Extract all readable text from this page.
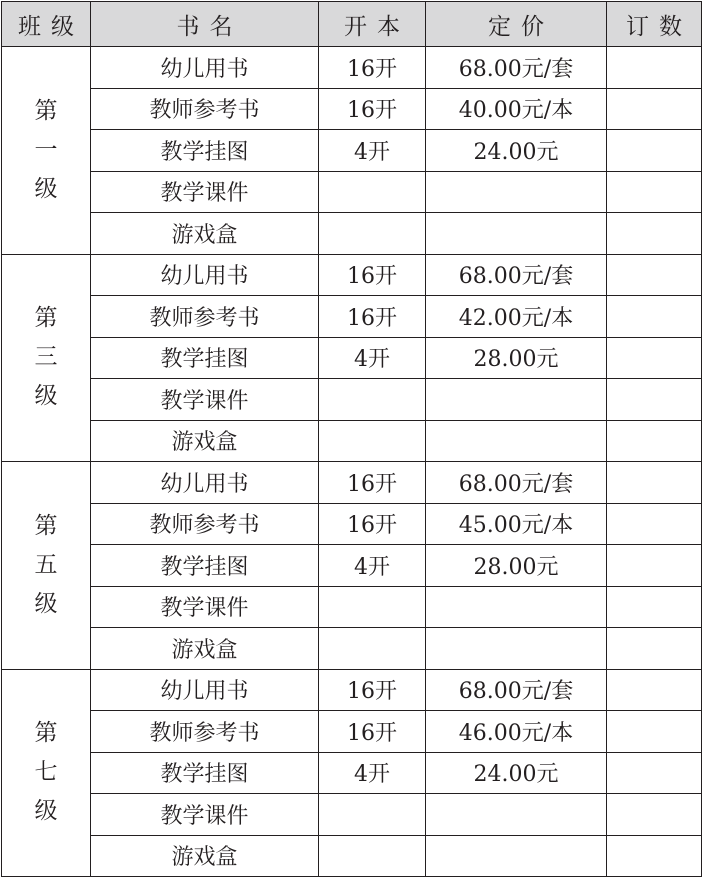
班级	书名	开本	定价	订数
第一级	幼儿用书	16开	68.00元/套	
	教师参考书	16开	40.00元/本	
	教学挂图	4开	24.00元	
	教学课件			
	游戏盒			
第三级	幼儿用书	16开	68.00元/套	
	教师参考书	16开	42.00元/本	
	教学挂图	4开	28.00元	
	教学课件			
	游戏盒			
第五级	幼儿用书	16开	68.00元/套	
	教师参考书	16开	45.00元/本	
	教学挂图	4开	28.00元	
	教学课件			
	游戏盒			
第七级	幼儿用书	16开	68.00元/套	
	教师参考书	16开	46.00元/本	
	教学挂图	4开	24.00元	
	教学课件			
	游戏盒			
